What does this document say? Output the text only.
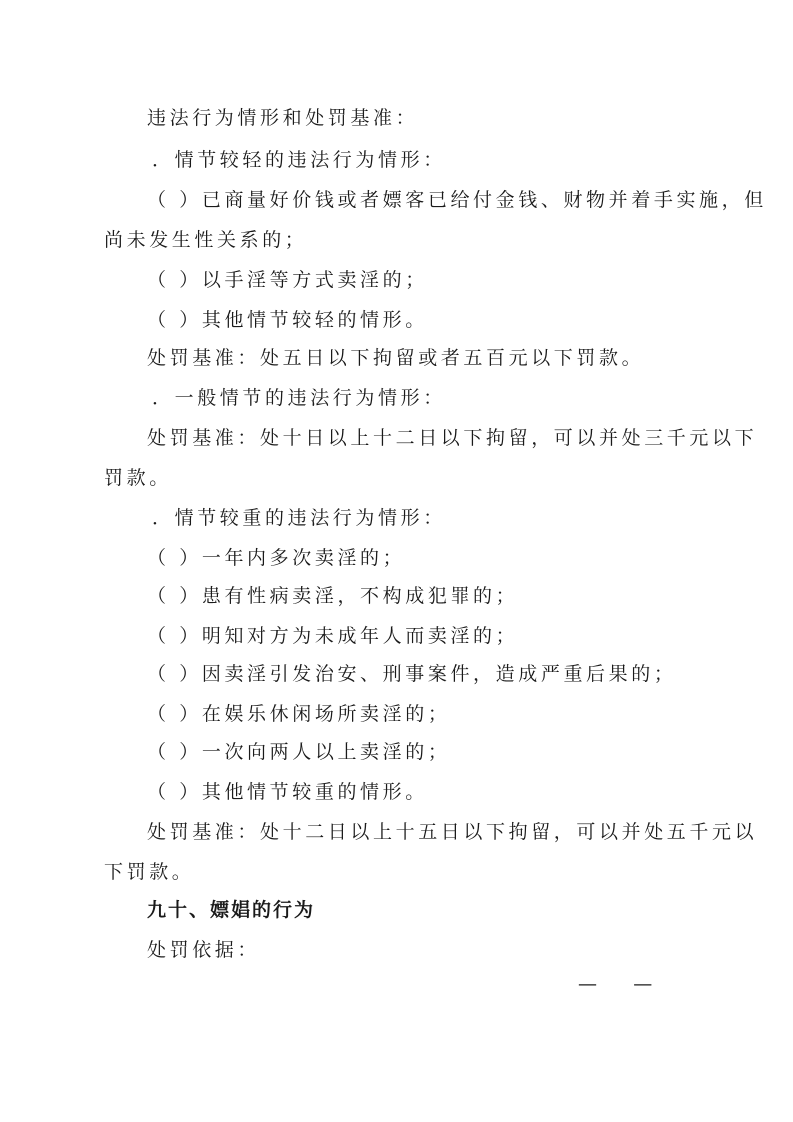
违法行为情形和处罚基准：
．情节较轻的违法行为情形：
（ ）已商量好价钱或者嫖客已给付金钱、财物并着手实施，但
尚未发生性关系的；
（ ）以手淫等方式卖淫的；
（ ）其他情节较轻的情形。
处罚基准：处五日以下拘留或者五百元以下罚款。
．一般情节的违法行为情形：
处罚基准：处十日以上十二日以下拘留，可以并处三千元以下
罚款。
．情节较重的违法行为情形：
（ ）一年内多次卖淫的；
（ ）患有性病卖淫，不构成犯罪的；
（ ）明知对方为未成年人而卖淫的；
（ ）因卖淫引发治安、刑事案件，造成严重后果的；
（ ）在娱乐休闲场所卖淫的；
（ ）一次向两人以上卖淫的；
（ ）其他情节较重的情形。
处罚基准：处十二日以上十五日以下拘留，可以并处五千元以
下罚款。
九十、嫖娼的行为
处罚依据：
—      —
